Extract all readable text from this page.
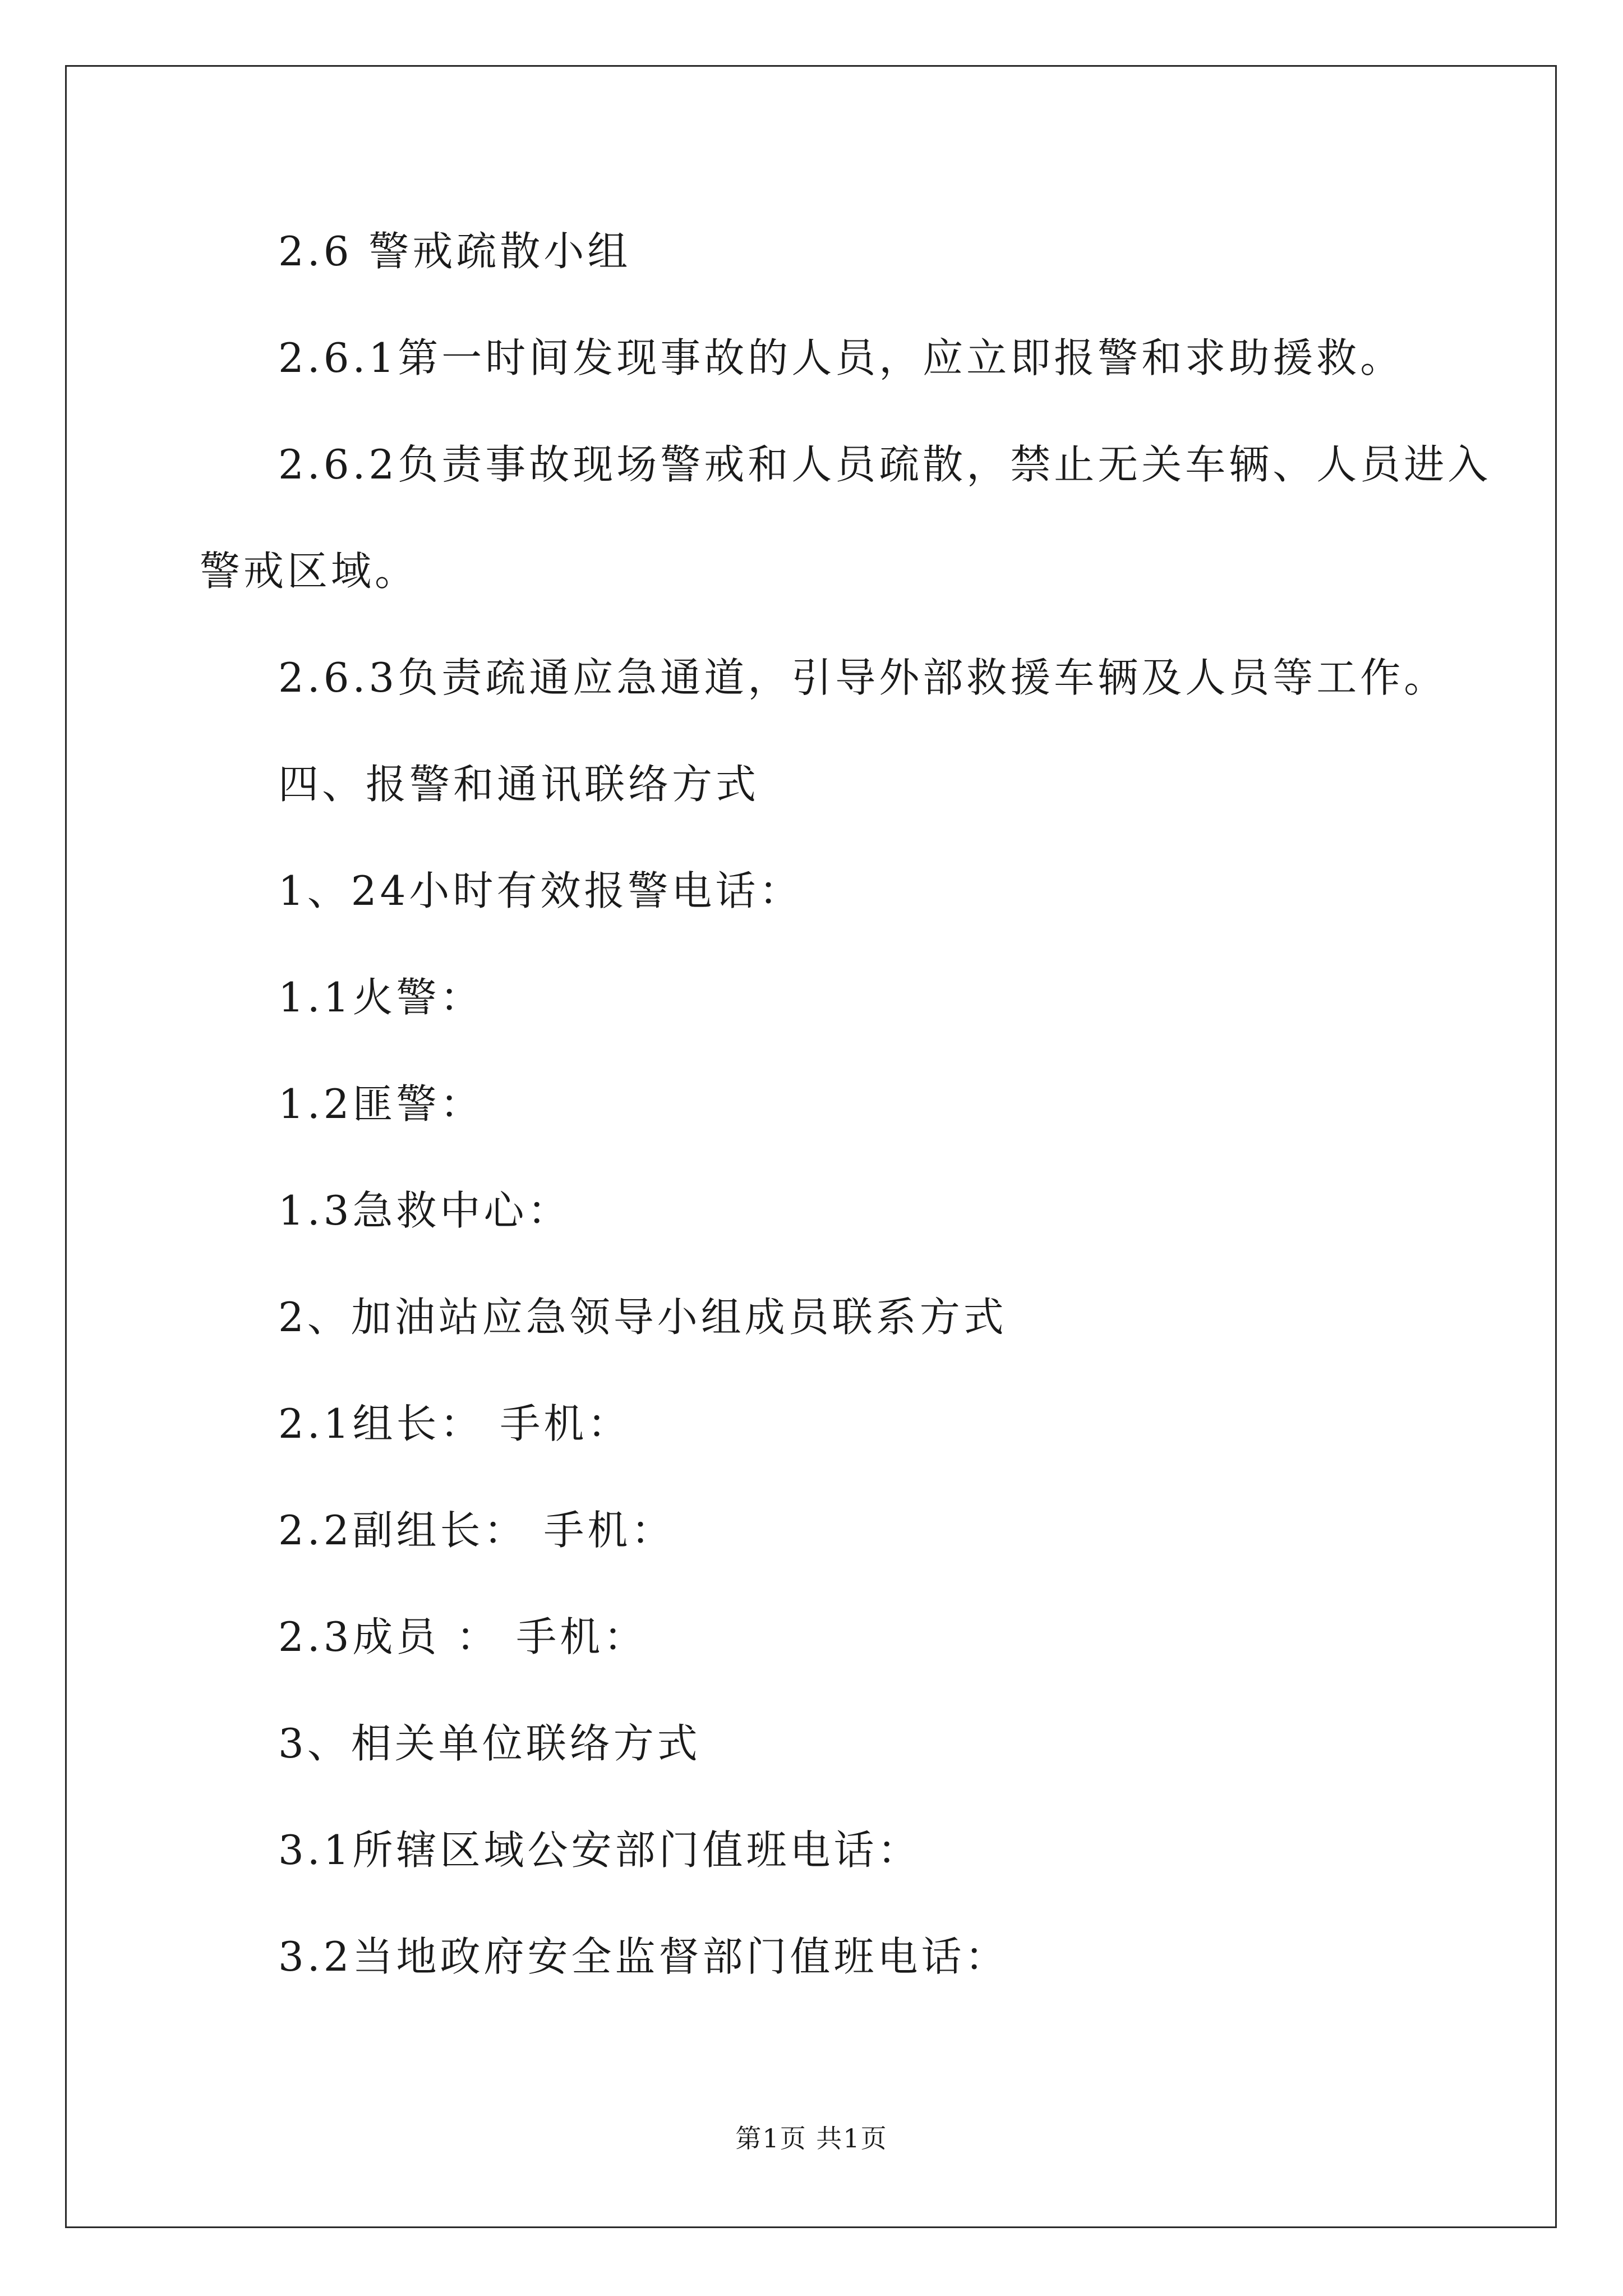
2.6 警戒疏散小组
2.6.1第一时间发现事故的人员，应立即报警和求助援救。
2.6.2负责事故现场警戒和人员疏散，禁止无关车辆、人员进入
警戒区域。
2.6.3负责疏通应急通道，引导外部救援车辆及人员等工作。
四、报警和通讯联络方式
1、24小时有效报警电话：
1.1火警：
1.2匪警：
1.3急救中心：
2、加油站应急领导小组成员联系方式
2.1组长： 手机：
2.2副组长： 手机：
2.3成员 ： 手机：
3、相关单位联络方式
3.1所辖区域公安部门值班电话：
3.2当地政府安全监督部门值班电话：
第1页 共1页
